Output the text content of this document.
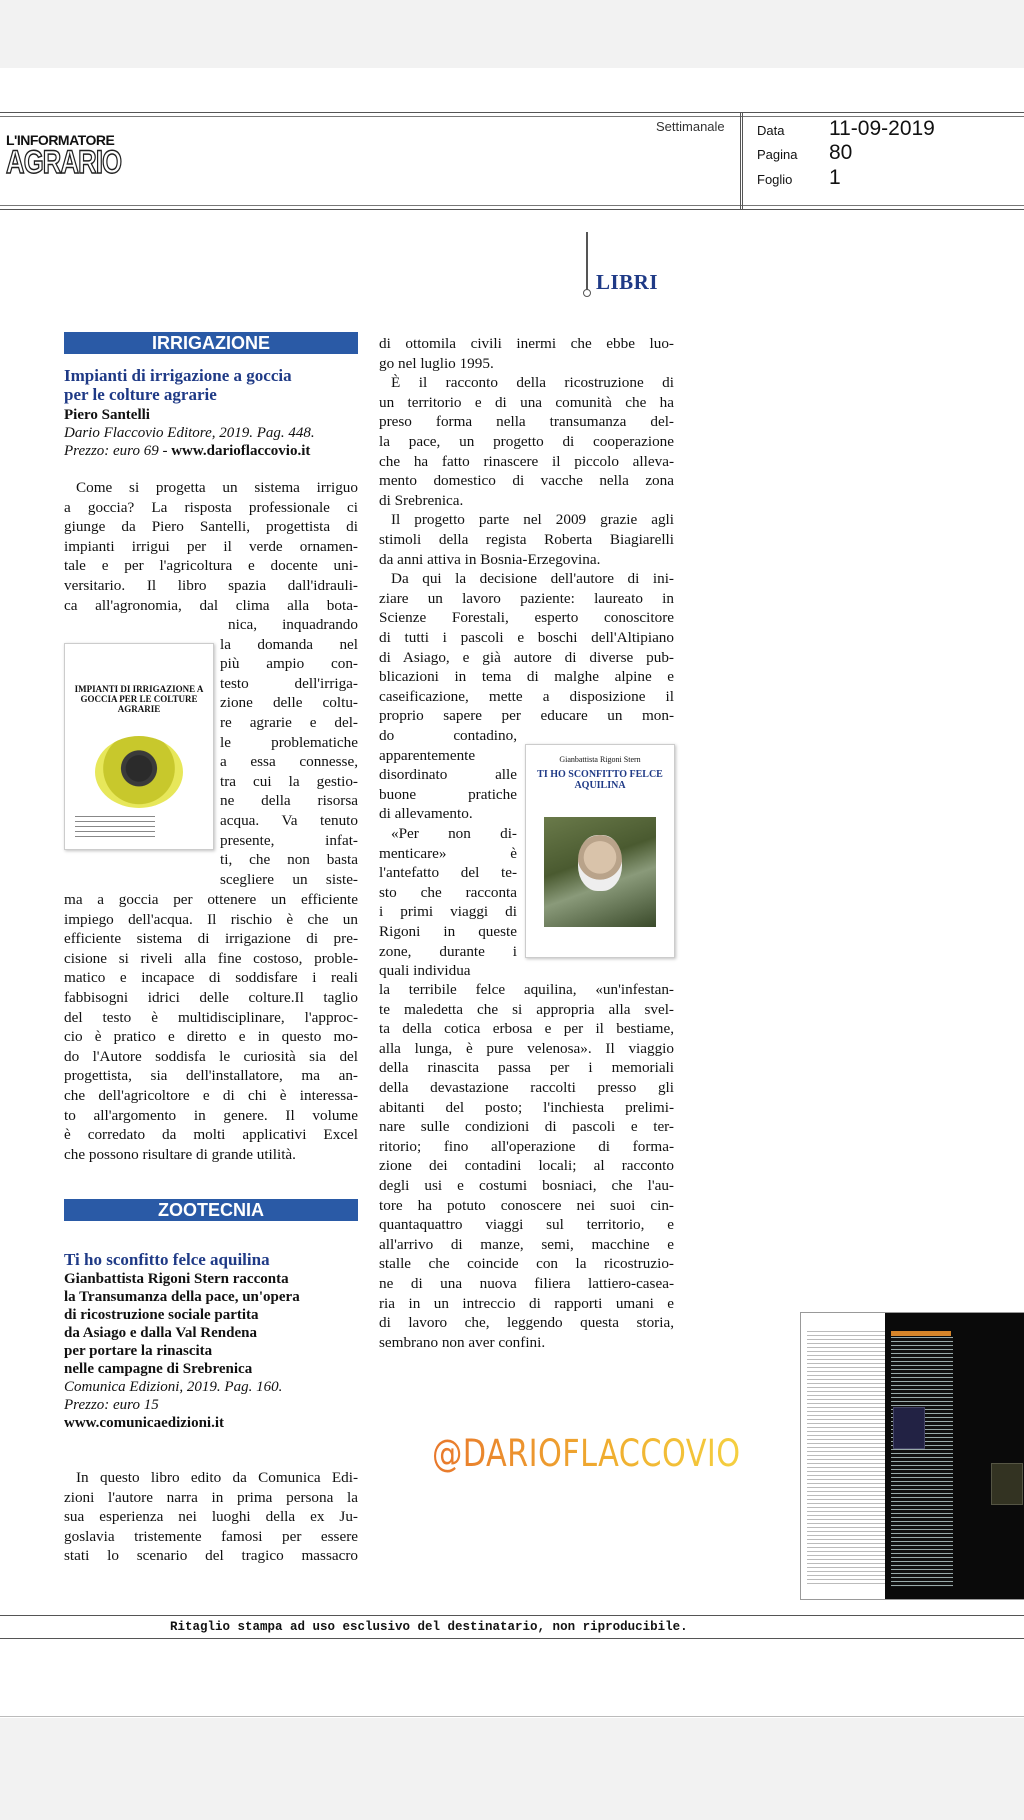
L'INFORMATORE
AGRARIO
Settimanale Data 11-09-2019
Pagina 80
Foglio 1
LIBRI
IRRIGAZIONE
Impianti di irrigazione a goccia
per le colture agrarie
Piero Santelli
Dario Flaccovio Editore, 2019. Pag. 448.
Prezzo: euro 69 - www.darioflaccovio.it
Come si progetta un sistema irriguo
a goccia? La risposta professionale ci
giunge da Piero Santelli, progettista di
impianti irrigui per il verde ornamen-
tale e per l'agricoltura e docente uni-
versitario. Il libro spazia dall'idrauli-
ca all'agronomia, dal clima alla bota-
IMPIANTI DI IRRIGAZIONE A GOCCIA PER LE COLTURE AGRARIE
nica, inquadrando
la domanda nel
più ampio con-
testo dell'irriga-
zione delle coltu-
re agrarie e del-
le problematiche
a essa connesse,
tra cui la gestio-
ne della risorsa
acqua. Va tenuto
presente, infat-
ti, che non basta
scegliere un siste-
ma a goccia per ottenere un efficiente
impiego dell'acqua. Il rischio è che un
efficiente sistema di irrigazione di pre-
cisione si riveli alla fine costoso, proble-
matico e incapace di soddisfare i reali
fabbisogni idrici delle colture.Il taglio
del testo è multidisciplinare, l'approc-
cio è pratico e diretto e in questo mo-
do l'Autore soddisfa le curiosità sia del
progettista, sia dell'installatore, ma an-
che dell'agricoltore e di chi è interessa-
to all'argomento in genere. Il volume
è corredato da molti applicativi Excel
che possono risultare di grande utilità.
ZOOTECNIA
Ti ho sconfitto felce aquilina
Gianbattista Rigoni Stern racconta
la Transumanza della pace, un'opera
di ricostruzione sociale partita
da Asiago e dalla Val Rendena
per portare la rinascita
nelle campagne di Srebrenica
Comunica Edizioni, 2019. Pag. 160.
Prezzo: euro 15
www.comunicaedizioni.it
In questo libro edito da Comunica Edi-
zioni l'autore narra in prima persona la
sua esperienza nei luoghi della ex Ju-
goslavia tristemente famosi per essere
stati lo scenario del tragico massacro
di ottomila civili inermi che ebbe luo-
go nel luglio 1995.
È il racconto della ricostruzione di
un territorio e di una comunità che ha
preso forma nella transumanza del-
la pace, un progetto di cooperazione
che ha fatto rinascere il piccolo alleva-
mento domestico di vacche nella zona
di Srebrenica.
Il progetto parte nel 2009 grazie agli
stimoli della regista Roberta Biagiarelli
da anni attiva in Bosnia-Erzegovina.
Da qui la decisione dell'autore di ini-
ziare un lavoro paziente: laureato in
Scienze Forestali, esperto conoscitore
di tutti i pascoli e boschi dell'Altipiano
di Asiago, e già autore di diverse pub-
blicazioni in tema di malghe alpine e
caseificazione, mette a disposizione il
proprio sapere per educare un mon-
do contadino,
apparentemente
disordinato alle
buone pratiche
di allevamento.
«Per non di-
menticare» è
l'antefatto del te-
sto che racconta
i primi viaggi di
Rigoni in queste
zone, durante i
quali individua
Gianbattista Rigoni Stern
TI HO SCONFITTO FELCE AQUILINA
la terribile felce aquilina, «un'infestan-
te maledetta che si appropria alla svel-
ta della cotica erbosa e per il bestiame,
alla lunga, è pure velenosa». Il viaggio
della rinascita passa per i memoriali
della devastazione raccolti presso gli
abitanti del posto; l'inchiesta prelimi-
nare sulle condizioni di pascoli e ter-
ritorio; fino all'operazione di forma-
zione dei contadini locali; al racconto
degli usi e costumi bosniaci, che l'au-
tore ha potuto conoscere nei suoi cin-
quantaquattro viaggi sul territorio, e
all'arrivo di manze, semi, macchine e
stalle che coincide con la ricostruzio-
ne di una nuova filiera lattiero-casea-
ria in un intreccio di rapporti umani e
di lavoro che, leggendo questa storia,
sembrano non aver confini.
@DARIOFLACCOVIO
Ritaglio stampa ad uso esclusivo del destinatario, non riproducibile.
